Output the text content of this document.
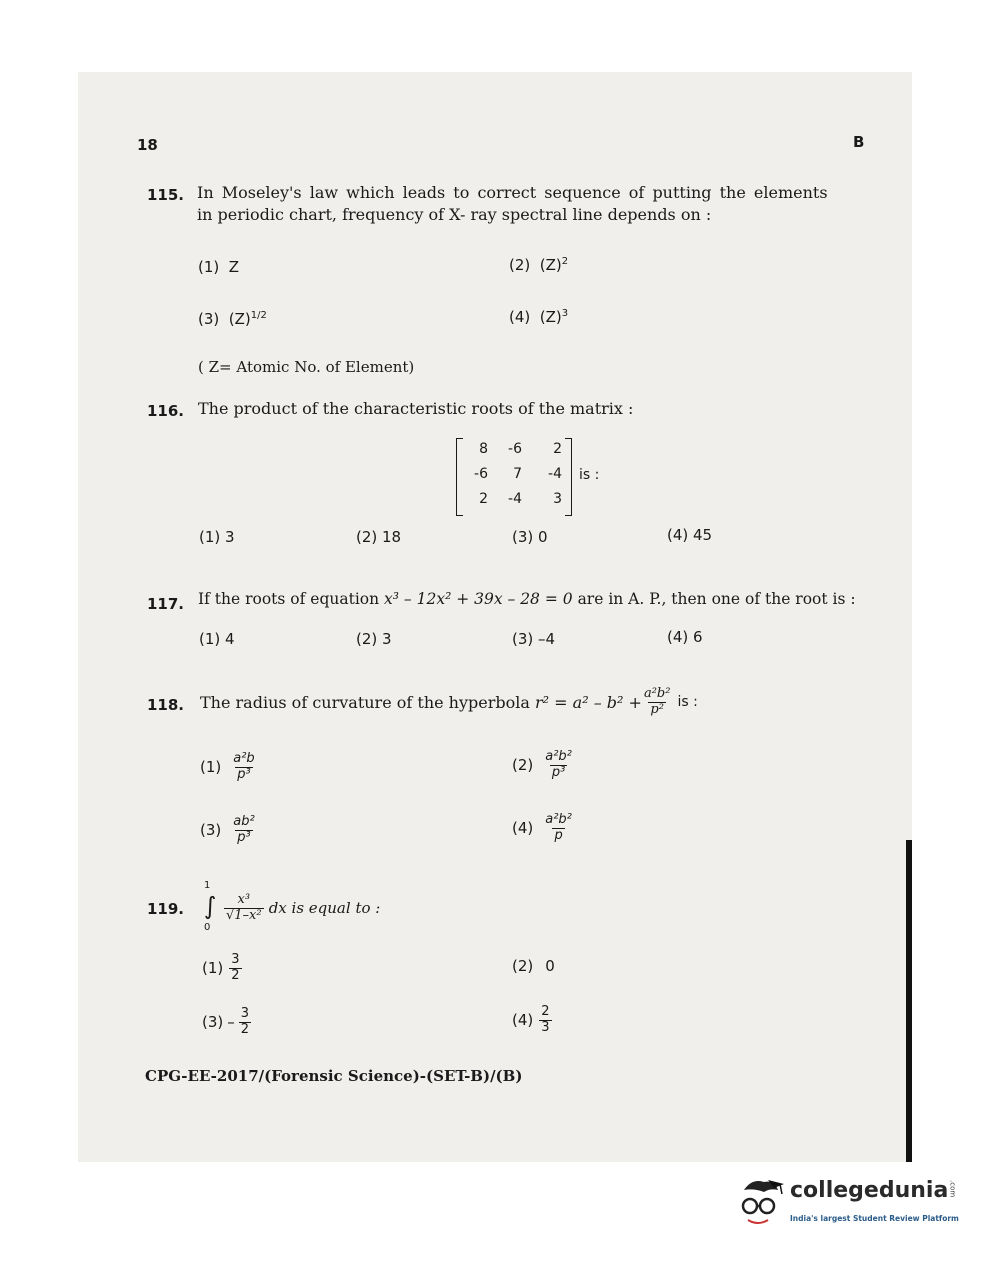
18	B
115. In Moseley's law which leads to correct sequence of putting the elements
in periodic chart, frequency of X- ray spectral line depends on :
(1) Z	(2) $(Z)^2$
(3) $(Z)^{1/2}$	(4) $(Z)^3$
( Z= Atomic No. of Element)
116. The product of the characteristic roots of the matrix :
8	-6	2
-6	7	-4
2	-4	3
is :
(1) 3	(2) 18	(3) 0	(4) 45
117. If the roots of equation x³ – 12x² + 39x – 28 = 0 are in A. P., then one of the root is :
(1) 4	(2) 3	(3) –4	(4) 6
118. The radius of curvature of the hyperbola
$r^2 = a^2 - b^2 + \frac{\text{a²b²}}{\text{p²}}$
is :
$(1) \frac{\text{a²b}}{\text{p³}}$	$(2) \frac{\text{a²b²}}{\text{p³}}$
$(3) \frac{\text{ab²}}{\text{p³}}$	$(4) \frac{\text{a²b²}}{p}$
119.
1
∫
0
$\frac{\text{x³}}{\text{√1–x²}}$
dx is equal to :
$(1) \frac{3}{2}$	(2) 0
$(3) - \frac{3}{2}$	$(4) \frac{2}{3}$
CPG-EE-2017/(Forensic Science)-(SET-B)/(B)
collegedunia.com
India's largest Student Review Platform
